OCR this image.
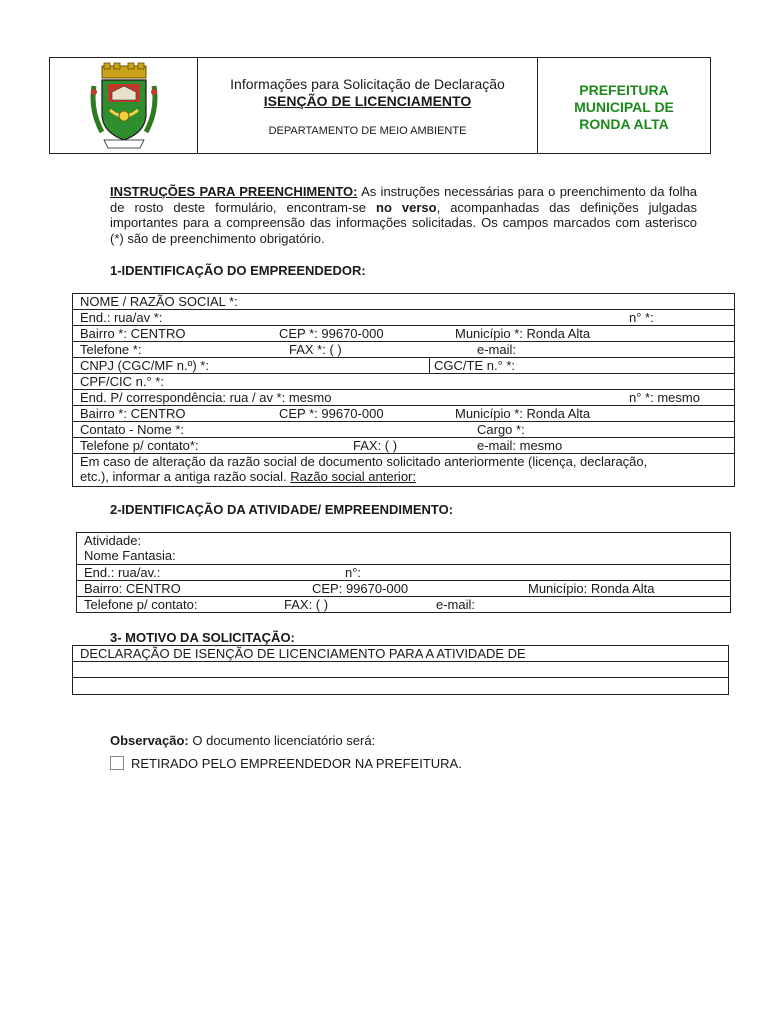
Informações para Solicitação de Declaração
ISENÇÃO DE LICENCIAMENTO
DEPARTAMENTO DE MEIO AMBIENTE
PREFEITURA
MUNICIPAL DE
RONDA ALTA
INSTRUÇÕES PARA PREENCHIMENTO: As instruções necessárias para o preenchimento da folha de rosto deste formulário, encontram-se no verso, acompanhadas das definições julgadas importantes para a compreensão das informações solicitadas. Os campos marcados com asterisco (*) são de preenchimento obrigatório.
1-IDENTIFICAÇÃO DO EMPREENDEDOR:
NOME / RAZÃO SOCIAL *:
End.: rua/av *:	n° *:
Bairro *: CENTRO	CEP *: 99670-000	Município *: Ronda Alta
Telefone *:	FAX *: ( )	e-mail:
CNPJ (CGC/MF n.º) *:	CGC/TE n.° *:
CPF/CIC n.° *:
End. P/ correspondência: rua / av *: mesmo	n° *: mesmo
Bairro *: CENTRO	CEP *: 99670-000	Município *: Ronda Alta
Contato - Nome *:	Cargo *:
Telefone p/ contato*:	FAX: ( )	e-mail: mesmo
Em caso de alteração da razão social de documento solicitado anteriormente (licença, declaração,
etc.), informar a antiga razão social. Razão social anterior:
2-IDENTIFICAÇÃO DA ATIVIDADE/ EMPREENDIMENTO:
Atividade:
Nome Fantasia:
End.: rua/av.:	n°:
Bairro: CENTRO	CEP: 99670-000	Município: Ronda Alta
Telefone p/ contato:	FAX: ( )	e-mail:
3- MOTIVO DA SOLICITAÇÃO:
DECLARAÇÃO DE ISENÇÃO DE LICENCIAMENTO PARA A ATIVIDADE DE
Observação: O documento licenciatório será:
RETIRADO PELO EMPREENDEDOR NA PREFEITURA.
